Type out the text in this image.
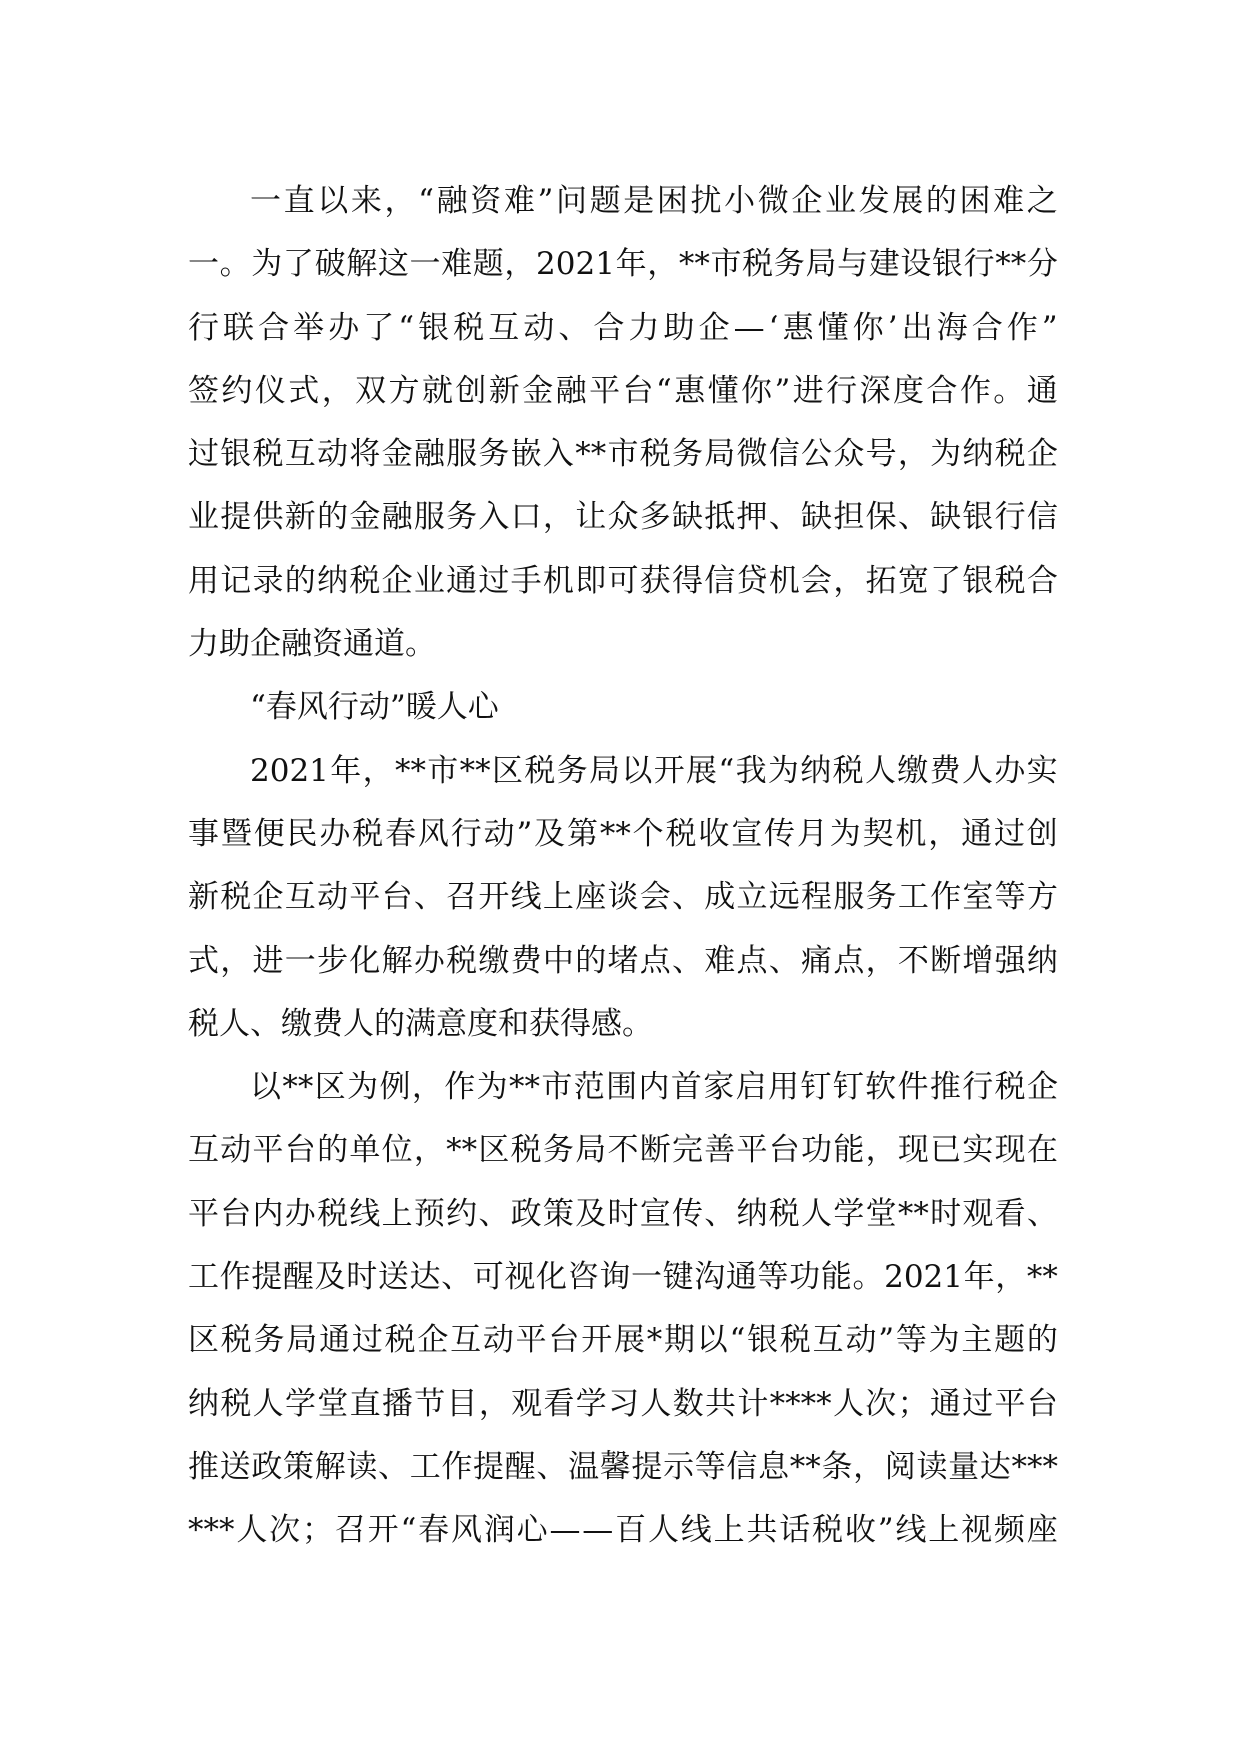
一 直 以 来 ， “ 融 资 难 ” 问 题 是 困 扰 小 微 企 业 发 展 的 困 难 之
一 。 为 了 破 解 这 一 难 题 ， 2021 年 ， ** 市 税 务 局 与 建 设 银 行 ** 分
行 联 合 举 办 了 “ 银 税 互 动 、 合 力 助 企 — ‘ 惠 懂 你 ’ 出 海 合 作 ”
签 约 仪 式 ， 双 方 就 创 新 金 融 平 台 “ 惠 懂 你 ” 进 行 深 度 合 作 。 通
过 银 税 互 动 将 金 融 服 务 嵌 入 ** 市 税 务 局 微 信 公 众 号 ， 为 纳 税 企
业 提 供 新 的 金 融 服 务 入 口 ， 让 众 多 缺 抵 押 、 缺 担 保 、 缺 银 行 信
用 记 录 的 纳 税 企 业 通 过 手 机 即 可 获 得 信 贷 机 会 ， 拓 宽 了 银 税 合
力助企融资通道。
“春风行动”暖人心
2021 年 ， ** 市 ** 区 税 务 局 以 开 展 “ 我 为 纳 税 人 缴 费 人 办 实
事 暨 便 民 办 税 春 风 行 动 ” 及 第 ** 个 税 收 宣 传 月 为 契 机 ， 通 过 创
新 税 企 互 动 平 台 、 召 开 线 上 座 谈 会 、 成 立 远 程 服 务 工 作 室 等 方
式 ， 进 一 步 化 解 办 税 缴 费 中 的 堵 点 、 难 点 、 痛 点 ， 不 断 增 强 纳
税人、缴费人的满意度和获得感。
以 ** 区 为 例 ， 作 为 ** 市 范 围 内 首 家 启 用 钉 钉 软 件 推 行 税 企
互 动 平 台 的 单 位 ， ** 区 税 务 局 不 断 完 善 平 台 功 能 ， 现 已 实 现 在
平 台 内 办 税 线 上 预 约 、 政 策 及 时 宣 传 、 纳 税 人 学 堂 ** 时 观 看 、
工 作 提 醒 及 时 送 达 、 可 视 化 咨 询 一 键 沟 通 等 功 能 。 2021 年 ， **
区 税 务 局 通 过 税 企 互 动 平 台 开 展 * 期 以 “ 银 税 互 动 ” 等 为 主 题 的
纳 税 人 学 堂 直 播 节 目 ， 观 看 学 习 人 数 共 计 **** 人 次 ； 通 过 平 台
推 送 政 策 解 读 、 工 作 提 醒 、 温 馨 提 示 等 信 息 ** 条 ， 阅 读 量 达 ***
*** 人 次 ； 召 开 “ 春 风 润 心 — — 百 人 线 上 共 话 税 收 ” 线 上 视 频 座
